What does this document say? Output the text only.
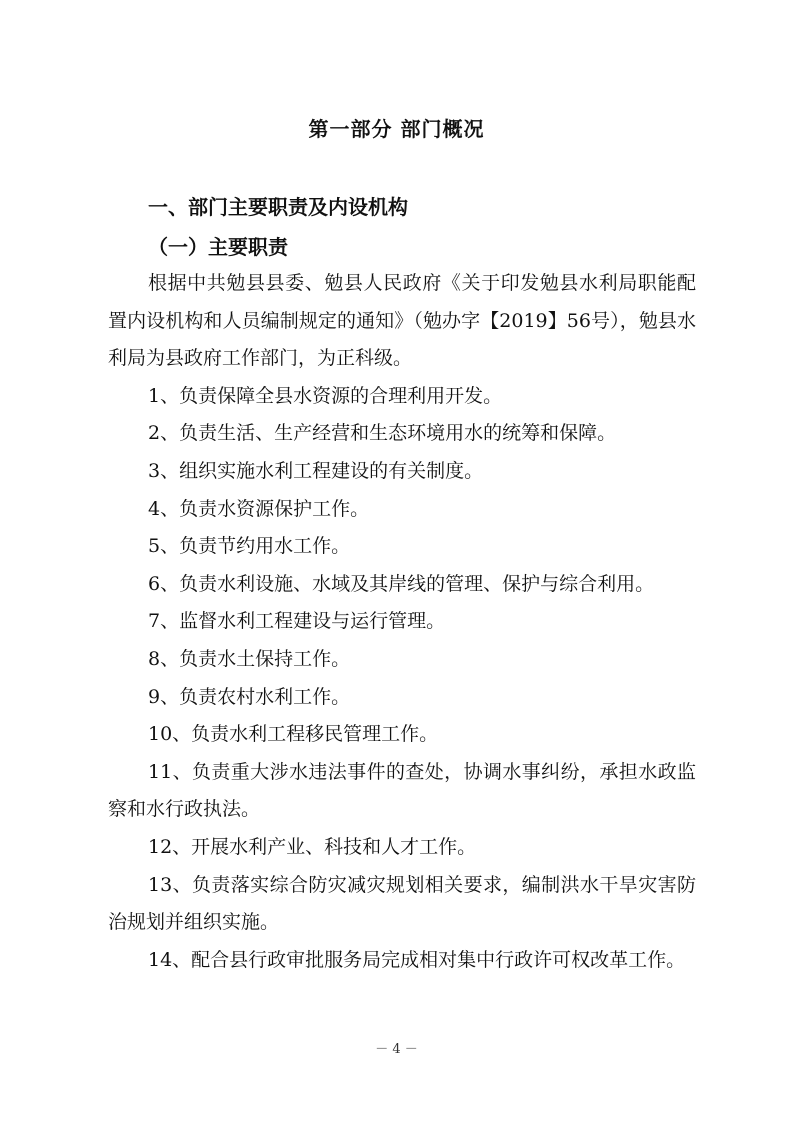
第一部分 部门概况
一、部门主要职责及内设机构
（一）主要职责

根据中共勉县县委、勉县人民政府《关于印发勉县水利局职能配置内设机构和人员编制规定的通知》（勉办字【2019】56号），勉县水利局为县政府工作部门，为正科级。

1、负责保障全县水资源的合理利用开发。

2、负责生活、生产经营和生态环境用水的统筹和保障。

3、组织实施水利工程建设的有关制度。

4、负责水资源保护工作。

5、负责节约用水工作。

6、负责水利设施、水域及其岸线的管理、保护与综合利用。

7、监督水利工程建设与运行管理。

8、负责水土保持工作。

9、负责农村水利工作。

10、负责水利工程移民管理工作。

11、负责重大涉水违法事件的查处，协调水事纠纷，承担水政监察和水行政执法。

12、开展水利产业、科技和人才工作。

13、负责落实综合防灾减灾规划相关要求，编制洪水干旱灾害防治规划并组织实施。

14、配合县行政审批服务局完成相对集中行政许可权改革工作。

－ 4 －
